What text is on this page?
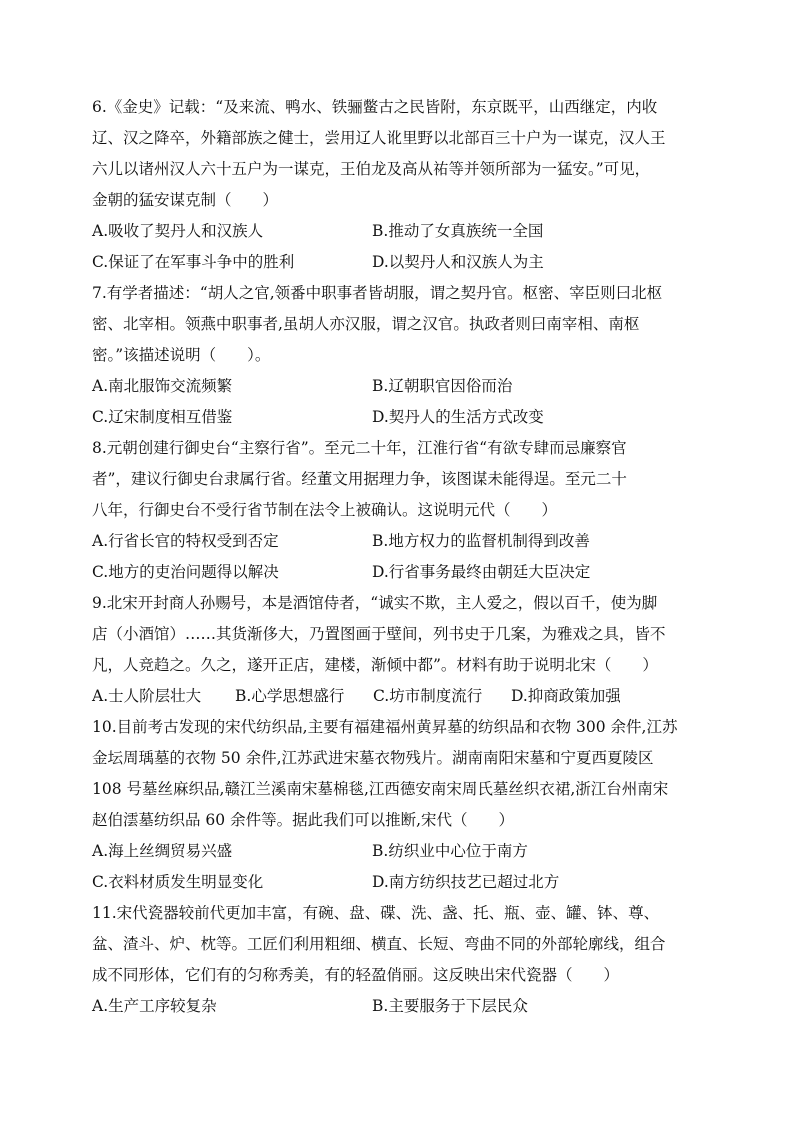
6.《金史》记载：“及来流、鸭水、铁骊鳖古之民皆附，东京既平，山西继定，内收

辽、汉之降卒，外籍部族之健士，尝用辽人讹里野以北部百三十户为一谋克，汉人王

六儿以诸州汉人六十五户为一谋克，王伯龙及高从祐等并领所部为一猛安。”可见，

金朝的猛安谋克制（　　）

A.吸收了契丹人和汉族人	B.推动了女真族统一全国
C.保证了在军事斗争中的胜利	D.以契丹人和汉族人为主

7.有学者描述：“胡人之官,领番中职事者皆胡服，谓之契丹官。枢密、宰臣则曰北枢

密、北宰相。领燕中职事者,虽胡人亦汉服，谓之汉官。执政者则曰南宰相、南枢

密。”该描述说明（　　）。

A.南北服饰交流频繁	B.辽朝职官因俗而治
C.辽宋制度相互借鉴	D.契丹人的生活方式改变

8.元朝创建行御史台“主察行省”。至元二十年，江淮行省“有欲专肆而忌廉察官

者”，建议行御史台隶属行省。经董文用据理力争，该图谋未能得逞。至元二十

八年，行御史台不受行省节制在法令上被确认。这说明元代（　　）

A.行省长官的特权受到否定	B.地方权力的监督机制得到改善
C.地方的吏治问题得以解决	D.行省事务最终由朝廷大臣决定

9.北宋开封商人孙赐号，本是酒馆侍者，“诚实不欺，主人爱之，假以百千，使为脚

店（小酒馆）……其货渐侈大，乃置图画于壁间，列书史于几案，为雅戏之具，皆不

凡，人竞趋之。久之，遂开正店，建楼，渐倾中都”。材料有助于说明北宋（　　）

A.士人阶层壮大	B.心学思想盛行	C.坊市制度流行	D.抑商政策加强

10.目前考古发现的宋代纺织品,主要有福建福州黄昇墓的纺织品和衣物 300 余件,江苏

金坛周瑀墓的衣物 50 余件,江苏武进宋墓衣物残片。湖南南阳宋墓和宁夏西夏陵区

108 号墓丝麻织品,赣江兰溪南宋墓棉毯,江西德安南宋周氏墓丝织衣裙,浙江台州南宋

赵伯澐墓纺织品 60 余件等。据此我们可以推断,宋代（　　）

A.海上丝绸贸易兴盛	B.纺织业中心位于南方
C.衣料材质发生明显变化	D.南方纺织技艺已超过北方

11.宋代瓷器较前代更加丰富，有碗、盘、碟、洗、盏、托、瓶、壶、罐、钵、尊、

盆、渣斗、炉、枕等。工匠们利用粗细、横直、长短、弯曲不同的外部轮廓线，组合

成不同形体，它们有的匀称秀美，有的轻盈俏丽。这反映出宋代瓷器（　　）

A.生产工序较复杂	B.主要服务于下层民众
